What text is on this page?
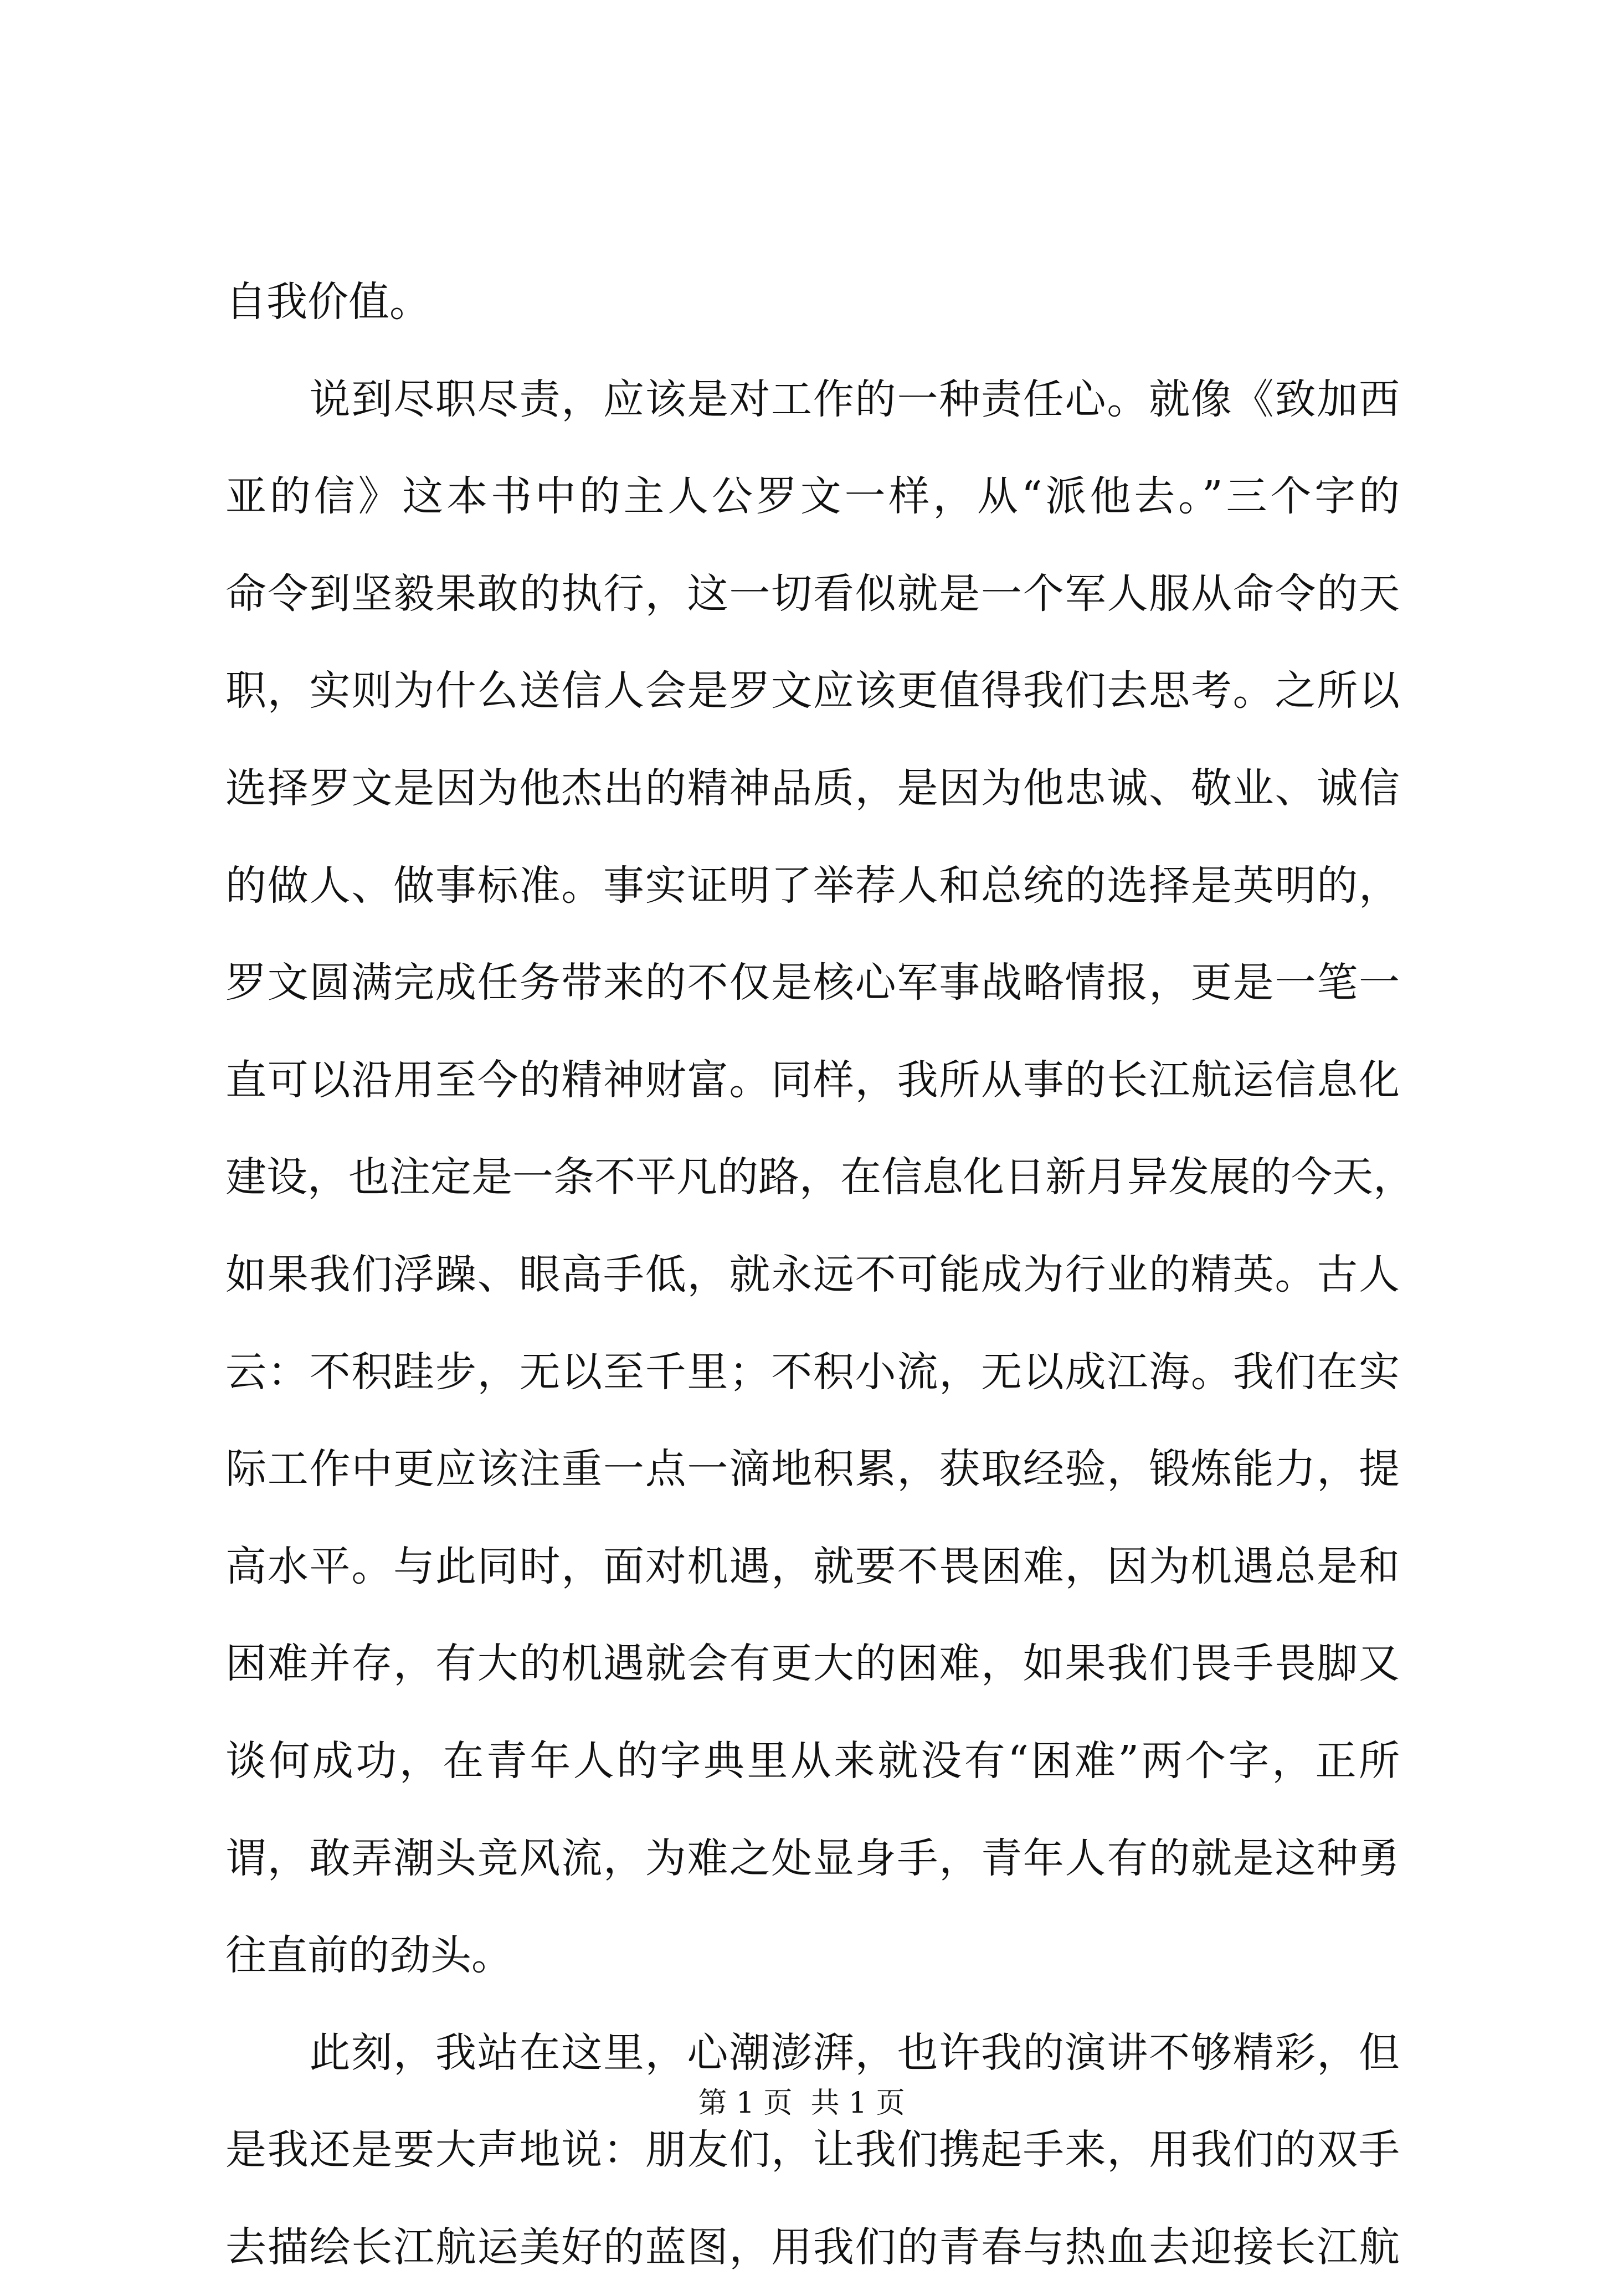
自我价值。
　　说到尽职尽责，应该是对工作的一种责任心。就像《致加西
亚的信》这本书中的主人公罗文一样，从“派他去。”三个字的
命令到坚毅果敢的执行，这一切看似就是一个军人服从命令的天
职，实则为什么送信人会是罗文应该更值得我们去思考。之所以
选择罗文是因为他杰出的精神品质，是因为他忠诚、敬业、诚信
的做人、做事标准。事实证明了举荐人和总统的选择是英明的，
罗文圆满完成任务带来的不仅是核心军事战略情报，更是一笔一
直可以沿用至今的精神财富。同样，我所从事的长江航运信息化
建设，也注定是一条不平凡的路，在信息化日新月异发展的今天，
如果我们浮躁、眼高手低，就永远不可能成为行业的精英。古人
云：不积跬步，无以至千里；不积小流，无以成江海。我们在实
际工作中更应该注重一点一滴地积累，获取经验，锻炼能力，提
高水平。与此同时，面对机遇，就要不畏困难，因为机遇总是和
困难并存，有大的机遇就会有更大的困难，如果我们畏手畏脚又
谈何成功，在青年人的字典里从来就没有“困难”两个字，正所
谓，敢弄潮头竞风流，为难之处显身手，青年人有的就是这种勇
往直前的劲头。
　　此刻，我站在这里，心潮澎湃，也许我的演讲不够精彩，但
是我还是要大声地说：朋友们，让我们携起手来，用我们的双手
去描绘长江航运美好的蓝图，用我们的青春与热血去迎接长江航
第 1 页  共 1 页
